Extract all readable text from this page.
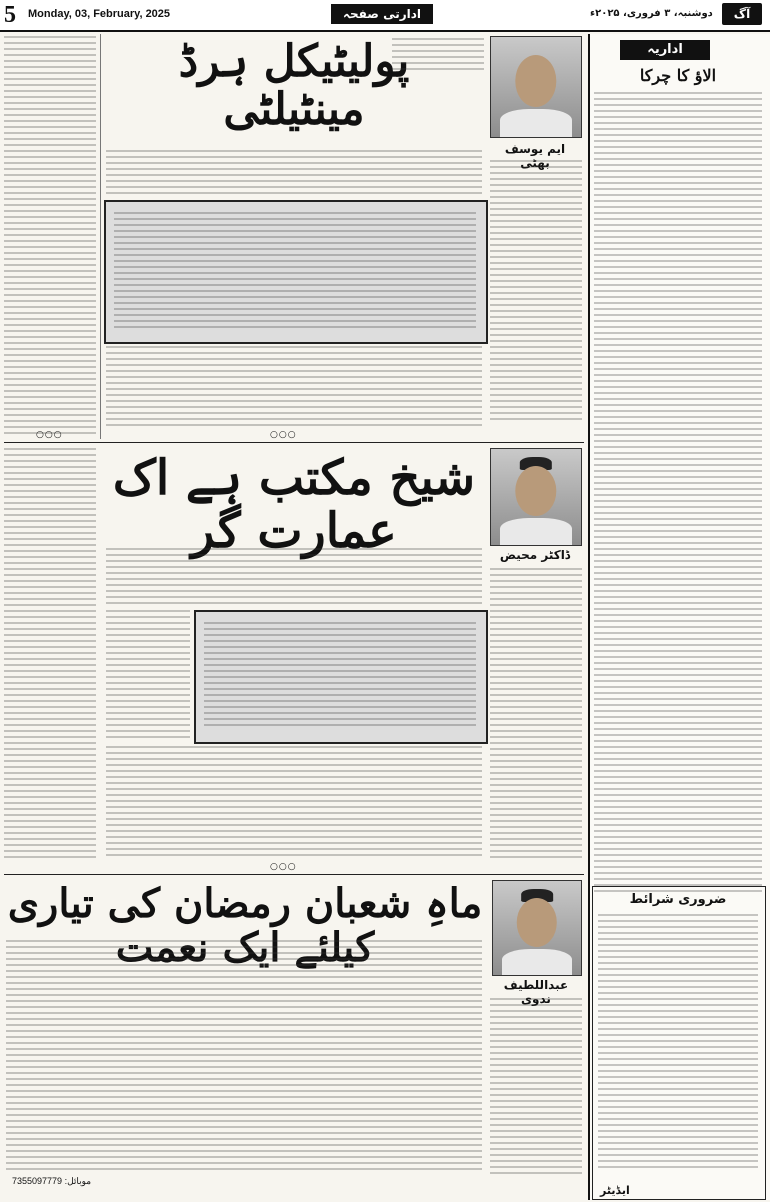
5 Monday, 03, February, 2025	ادارتی صفحہ	دوشنبہ، ۳ فروری، ۲۰۲۵ء	آگ
○○○
پولیٹیکل ہرڈ مینٹیلٹی
ایم یوسف بھٹی
○○○
شیخ مکتب ہے اک عمارت گر	ڈاکٹر محیض
○○○
ماہِ شعبان رمضان کی تیاری کیلئے ایک نعمت
عبداللطیف ندوی
موبائل: 7355097779
اداریہ
الاؤ کا چرکا
ضروری شرائط
ایڈیٹر
